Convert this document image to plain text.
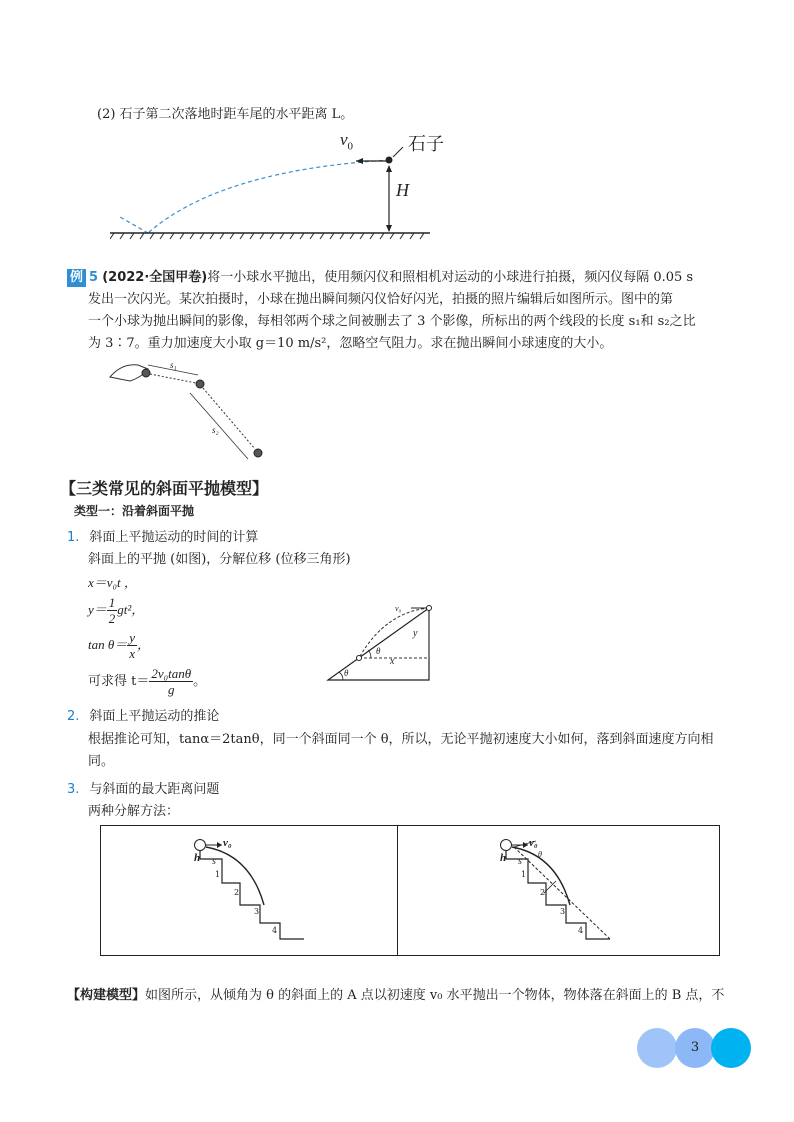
(2) 石子第二次落地时距车尾的水平距离 L。
$v_0$	石子
H
例 5 (2022·全国甲卷)将一小球水平抛出，使用频闪仪和照相机对运动的小球进行拍摄，频闪仪每隔 0.05 s
发出一次闪光。某次拍摄时，小球在抛出瞬间频闪仪恰好闪光，拍摄的照片编辑后如图所示。图中的第
一个小球为抛出瞬间的影像，每相邻两个球之间被删去了 3 个影像，所标出的两个线段的长度 s₁和 s₂之比
为 3∶7。重力加速度大小取 g＝10 m/s²，忽略空气阻力。求在抛出瞬间小球速度的大小。
s₁
s₂
【三类常见的斜面平抛模型】
类型一：沿着斜面平抛
1. 斜面上平抛运动的时间的计算
斜面上的平抛 (如图)，分解位移 (位移三角形)
x＝v₀t ，
$y= \frac{1}{2} gt^2$，
$\tan \theta= \frac{y}{x}$ ，
可求得 $t= \frac{\text{2v₀tanθ}}{g}$ 。
v₀
y
x
θ
θ
2. 斜面上平抛运动的推论
根据推论可知，tanα＝2tanθ，同一个斜面同一个 θ，所以，无论平抛初速度大小如何，落到斜面速度方向相
同。
3. 与斜面的最大距离问题
两种分解方法：
v₀
h s
1
2
3
4
v₀
h s
1
2
3
4
θ
【构建模型】如图所示，从倾角为 θ 的斜面上的 A 点以初速度 v₀ 水平抛出一个物体，物体落在斜面上的 B 点，不
3
